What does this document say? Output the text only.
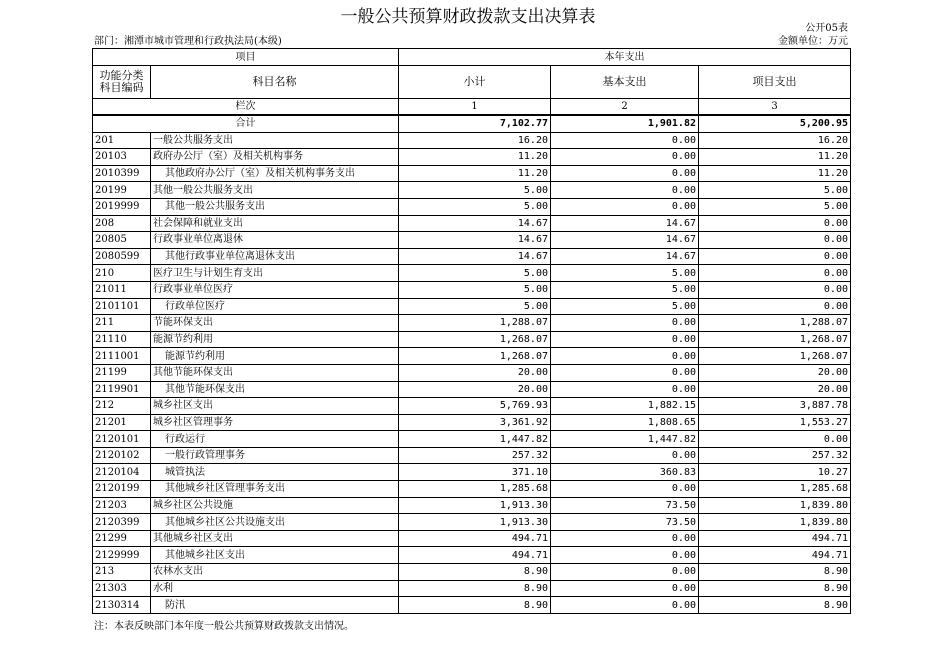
一般公共预算财政拨款支出决算表
公开05表
部门：湘潭市城市管理和行政执法局(本级)	金额单位：万元
项目		本年支出		
功能分类科目编码	科目名称	小计	基本支出	项目支出
栏次		1	2	3
合计		7,102.77	1,901.82	5,200.95
201	一般公共服务支出	16.20	0.00	16.20
20103	政府办公厅（室）及相关机构事务	11.20	0.00	11.20
2010399	其他政府办公厅（室）及相关机构事务支出	11.20	0.00	11.20
20199	其他一般公共服务支出	5.00	0.00	5.00
2019999	其他一般公共服务支出	5.00	0.00	5.00
208	社会保障和就业支出	14.67	14.67	0.00
20805	行政事业单位离退休	14.67	14.67	0.00
2080599	其他行政事业单位离退休支出	14.67	14.67	0.00
210	医疗卫生与计划生育支出	5.00	5.00	0.00
21011	行政事业单位医疗	5.00	5.00	0.00
2101101	行政单位医疗	5.00	5.00	0.00
211	节能环保支出	1,288.07	0.00	1,288.07
21110	能源节约利用	1,268.07	0.00	1,268.07
2111001	能源节约利用	1,268.07	0.00	1,268.07
21199	其他节能环保支出	20.00	0.00	20.00
2119901	其他节能环保支出	20.00	0.00	20.00
212	城乡社区支出	5,769.93	1,882.15	3,887.78
21201	城乡社区管理事务	3,361.92	1,808.65	1,553.27
2120101	行政运行	1,447.82	1,447.82	0.00
2120102	一般行政管理事务	257.32	0.00	257.32
2120104	城管执法	371.10	360.83	10.27
2120199	其他城乡社区管理事务支出	1,285.68	0.00	1,285.68
21203	城乡社区公共设施	1,913.30	73.50	1,839.80
2120399	其他城乡社区公共设施支出	1,913.30	73.50	1,839.80
21299	其他城乡社区支出	494.71	0.00	494.71
2129999	其他城乡社区支出	494.71	0.00	494.71
213	农林水支出	8.90	0.00	8.90
21303	水利	8.90	0.00	8.90
2130314	防汛	8.90	0.00	8.90
注：本表反映部门本年度一般公共预算财政拨款支出情况。
